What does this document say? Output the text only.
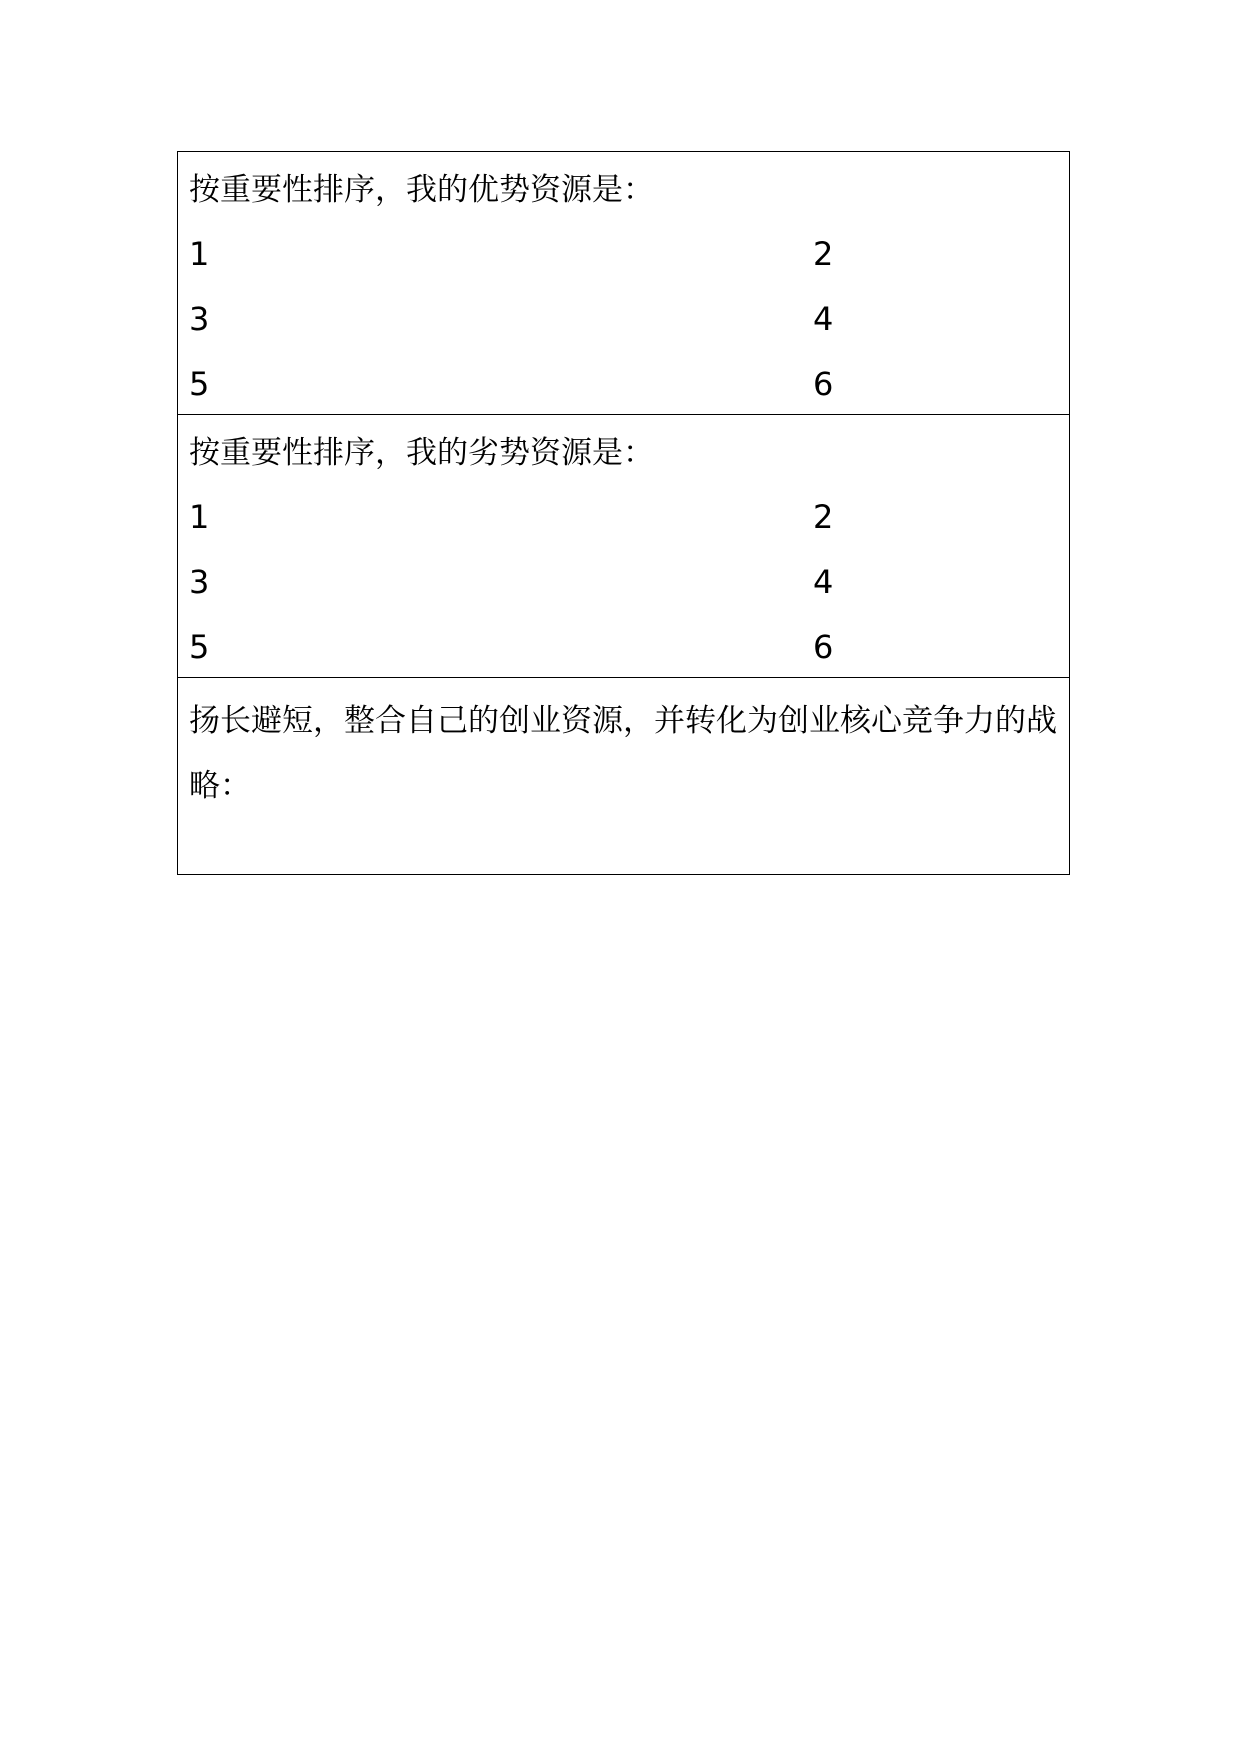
按重要性排序，我的优势资源是：
1	2
3	4
5	6
按重要性排序，我的劣势资源是：
1	2
3	4
5	6
扬长避短，整合自己的创业资源，并转化为创业核心竞争力的战略：
